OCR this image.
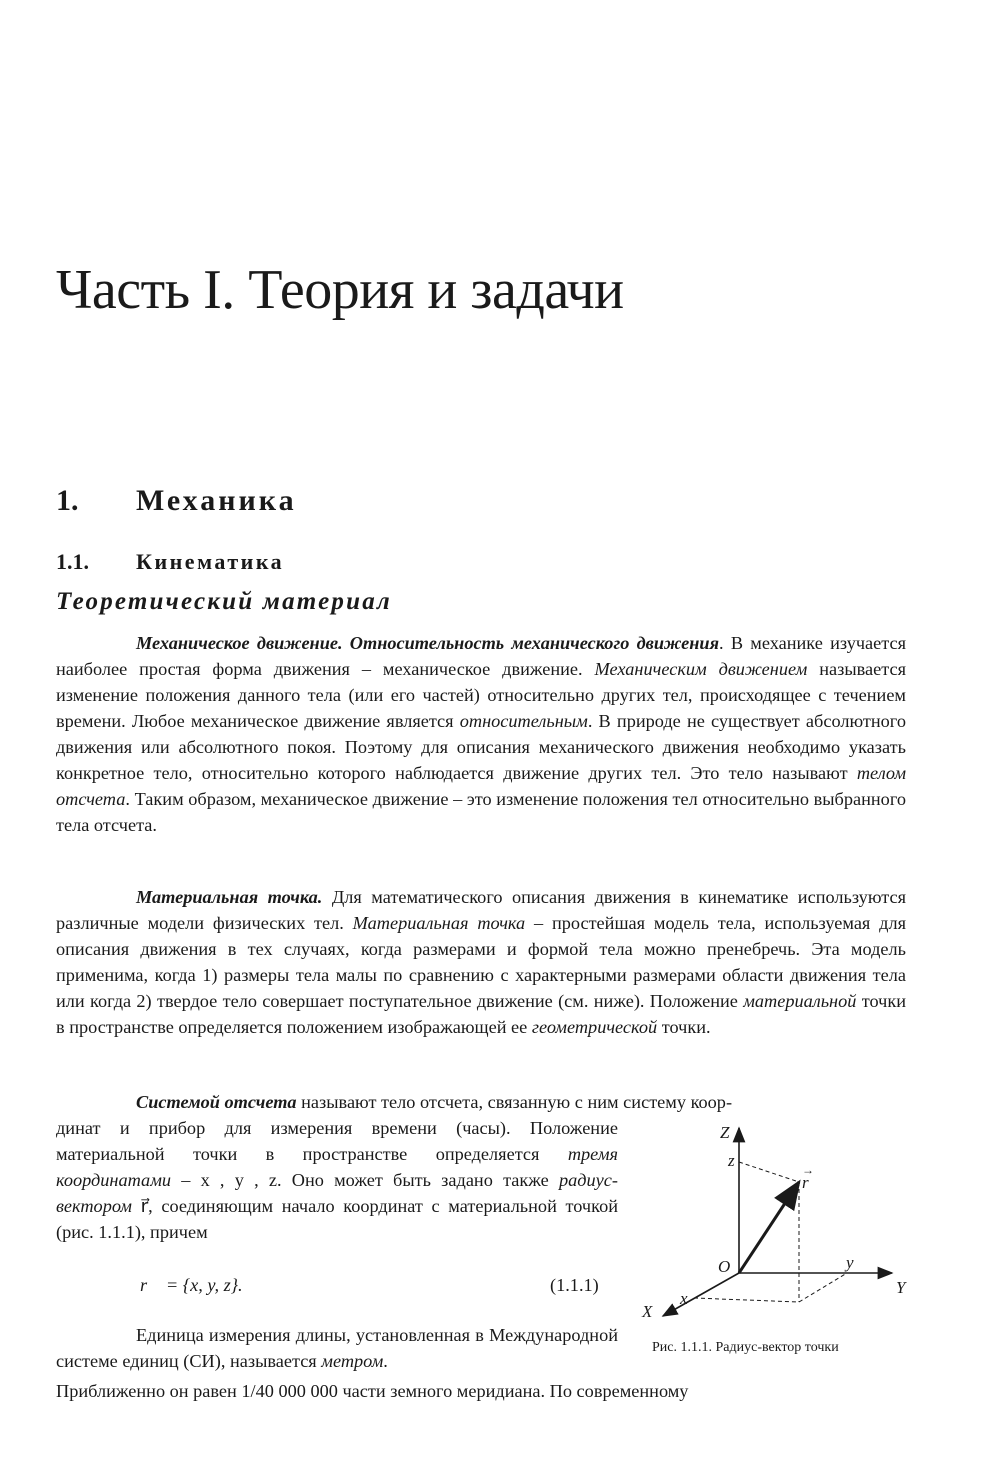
Часть I. Теория и задачи
1. Механика
1.1. Кинематика
Теоретический материал

Механическое движение. Относительность механического движения. В механике изучается наиболее простая форма движения – механическое движение. Механическим движением называется изменение положения данного тела (или его частей) относительно других тел, происходящее с течением времени. Любое механическое движение является относительным. В природе не существует абсолютного движения или абсолютного покоя. Поэтому для описания механического движения необходимо указать конкретное тело, относительно которого наблюдается движение других тел. Это тело называют телом отсчета. Таким образом, механическое движение – это изменение положения тел относительно выбранного тела отсчета.

Материальная точка. Для математического описания движения в кинематике используются различные модели физических тел. Материальная точка – простейшая модель тела, используемая для описания движения в тех случаях, когда размерами и формой тела можно пренебречь. Эта модель применима, когда 1) размеры тела малы по сравнению с характерными размерами области движения тела или когда 2) твердое тело совершает поступательное движение (см. ниже). Положение материальной точки в пространстве определяется положением изображающей ее геометрической точки.

Системой отсчета называют тело отсчета, связанную с ним систему коор-

динат и прибор для измерения времени (часы). Положение материальной точки в пространстве определяется тремя координатами – x , y , z. Оно может быть задано также радиус-вектором r⃗, соединяющим начало координат с материальной точкой (рис. 1.1.1), причем
r⃗ = {x, y, z}.	(1.1.1)

Единица измерения длины, установленная в Международной системе единиц (СИ), называется метром.

Приближенно он равен 1/40 000 000 части земного меридиана. По современному
Z
z
r
→
O	y
Y
x
X
Рис. 1.1.1. Радиус-вектор точки
